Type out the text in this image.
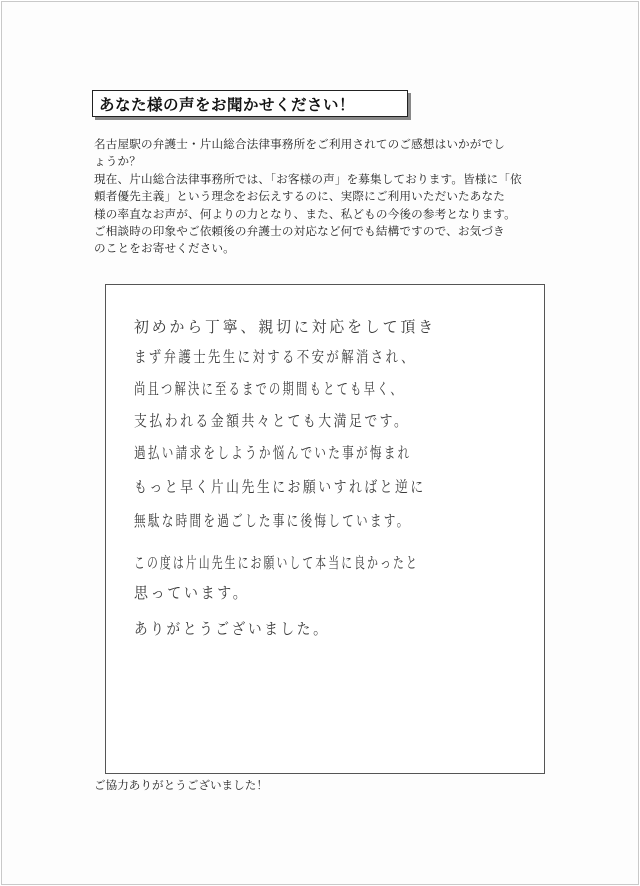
あなた様の声をお聞かせください！
名古屋駅の弁護士・片山総合法律事務所をご利用されてのご感想はいかがでし
ょうか？
現在、片山総合法律事務所では、「お客様の声」を募集しております。皆様に「依
頼者優先主義」という理念をお伝えするのに、実際にご利用いただいたあなた
様の率直なお声が、何よりの力となり、また、私どもの今後の参考となります。
ご相談時の印象やご依頼後の弁護士の対応など何でも結構ですので、お気づき
のことをお寄せください。
初めから丁寧、親切に対応をして頂き
まず弁護士先生に対する不安が解消され、
尚且つ解決に至るまでの期間もとても早く、
支払われる金額共々とても大満足です。
過払い請求をしようか悩んでいた事が悔まれ
もっと早く片山先生にお願いすればと逆に
無駄な時間を過ごした事に後悔しています。
この度は片山先生にお願いして本当に良かったと
思っています。
ありがとうございました。
ご協力ありがとうございました！
